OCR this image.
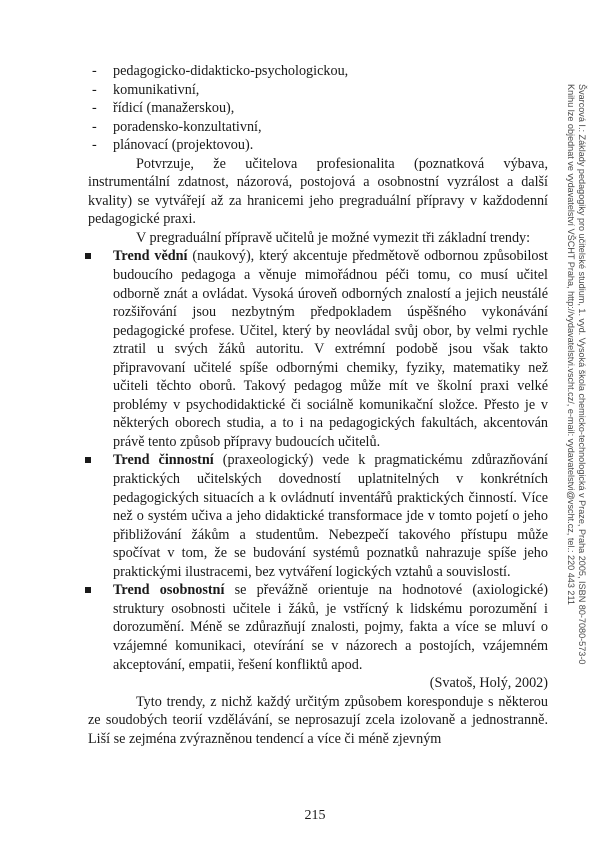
- pedagogicko-didakticko-psychologickou,
- komunikativní,
- řídicí (manažerskou),
- poradensko-konzultativní,
- plánovací (projektovou).

Potvrzuje, že učitelova profesionalita (poznatková výbava, instrumentální zdatnost, názorová, postojová a osobnostní vyzrálost a další kvality) se vytvářejí až za hranicemi jeho pregraduální přípravy v každodenní pedagogické praxi.

V pregraduální přípravě učitelů je možné vymezit tři základní trendy:

Trend vědní (naukový), který akcentuje předmětově odbornou způsobilost budoucího pedagoga a věnuje mimořádnou péči tomu, co musí učitel odborně znát a ovládat. Vysoká úroveň odborných znalostí a jejich neustálé rozšiřování jsou nezbytným předpokladem úspěšného vykonávání pedagogické profese. Učitel, který by neovládal svůj obor, by velmi rychle ztratil u svých žáků autoritu. V extrémní podobě jsou však takto připravovaní učitelé spíše odbornými chemiky, fyziky, matematiky než učiteli těchto oborů. Takový pedagog může mít ve školní praxi velké problémy v psychodidaktické či sociálně komunikační složce. Přesto je v některých oborech studia, a to i na pedagogických fakultách, akcentován právě tento způsob přípravy budoucích učitelů.
Trend činnostní (praxeologický) vede k pragmatickému zdůrazňování praktických učitelských dovedností uplatnitelných v konkrétních pedagogických situacích a k ovládnutí inventářů praktických činností. Více než o systém učiva a jeho didaktické transformace jde v tomto pojetí o jeho přibližování žákům a studentům. Nebezpečí takového přístupu může spočívat v tom, že se budování systémů poznatků nahrazuje spíše jeho praktickými ilustracemi, bez vytváření logických vztahů a souvislostí.
Trend osobnostní se převážně orientuje na hodnotové (axiologické) struktury osobnosti učitele i žáků, je vstřícný k lidskému porozumění i dorozumění. Méně se zdůrazňují znalosti, pojmy, fakta a více se mluví o vzájemné komunikaci, otevírání se v názorech a postojích, vzájemném akceptování, empatii, řešení konfliktů apod.

(Svatoš, Holý, 2002)

Tyto trendy, z nichž každý určitým způsobem koresponduje s některou ze soudobých teorií vzdělávání, se neprosazují zcela izolovaně a jednostranně. Liší se zejména zvýrazněnou tendencí a více či méně zjevným

215
Švarcová I.: Základy pedagogiky pro učitelské studium, 1. vyd. Vysoká škola chemicko-technologická v Praze, Praha 2005, ISBN 80-7080-573-0
Knihu lze objednat ve vydavatelství VŠCHT Praha, http://vydavatelstvi.vscht.cz/, e-mail: vydavatelstvi@vscht.cz, tel.: 220 443 211
